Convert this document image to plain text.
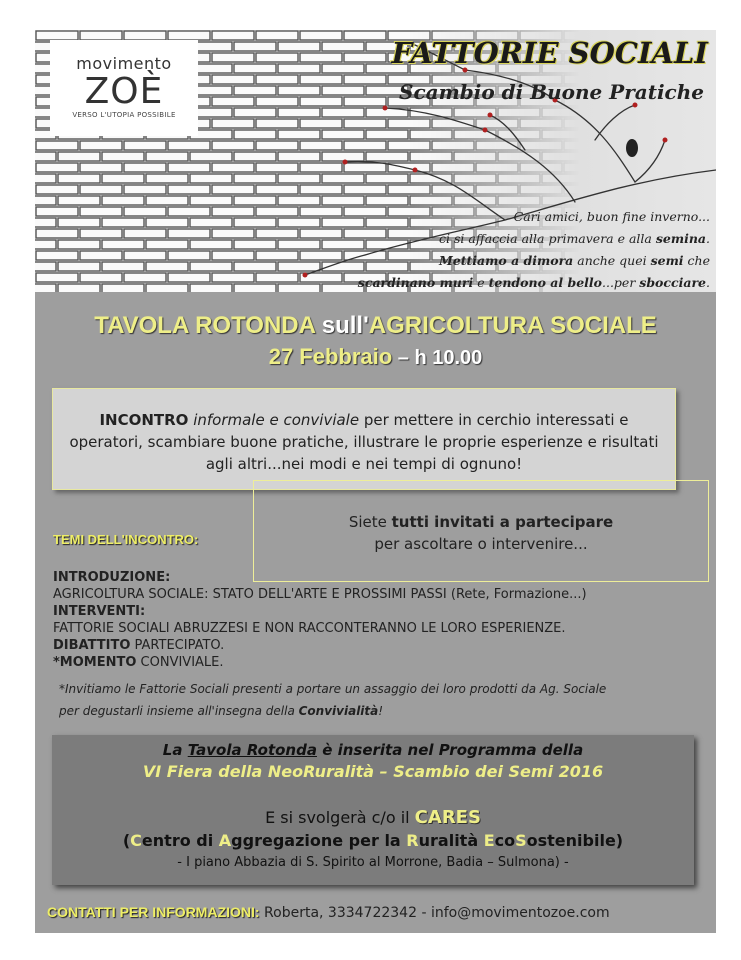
movimento
ZOÈ
VERSO L'UTOPIA POSSIBILE
FATTORIE SOCIALI
Scambio di Buone Pratiche
Cari amici, buon fine inverno...
ci si affaccia alla primavera e alla semina.
Mettiamo a dimora anche quei semi che
scardinano muri e tendono al bello...per sbocciare.
TAVOLA ROTONDA sull'AGRICOLTURA SOCIALE
27 Febbraio – h 10.00

INCONTRO informale e conviviale per mettere in cerchio interessati e operatori, scambiare buone pratiche, illustrare le proprie esperienze e risultati agli altri...nei modi e nei tempi di ognuno!

Siete tutti invitati a partecipare
per ascoltare o intervenire...

TEMI DELL'INCONTRO:
INTRODUZIONE:
AGRICOLTURA SOCIALE: STATO DELL'ARTE E PROSSIMI PASSI (Rete, Formazione...)
INTERVENTI:
FATTORIE SOCIALI ABRUZZESI E NON RACCONTERANNO LE LORO ESPERIENZE.
DIBATTITO PARTECIPATO.
*MOMENTO CONVIVIALE.
*Invitiamo le Fattorie Sociali presenti a portare un assaggio dei loro prodotti da Ag. Sociale
per degustarli insieme all'insegna della Convivialità!
La Tavola Rotonda è inserita nel Programma della
VI Fiera della NeoRuralità – Scambio dei Semi 2016
E si svolgerà c/o il CARES
(Centro di Aggregazione per la Ruralità EcoSostenibile)
- I piano Abbazia di S. Spirito al Morrone, Badia – Sulmona) -
CONTATTI PER INFORMAZIONI: Roberta, 3334722342 - info@movimentozoe.com
